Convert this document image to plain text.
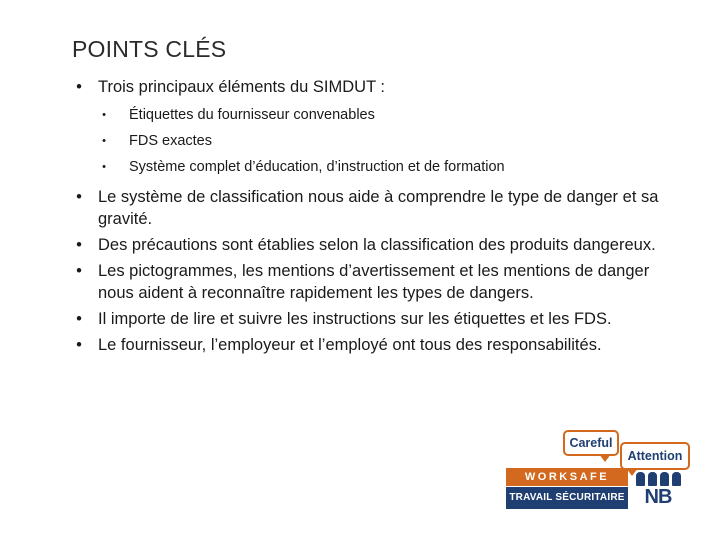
POINTS CLÉS
• Trois principaux éléments du SIMDUT :
• Étiquettes du fournisseur convenables
• FDS exactes
• Système complet d’éducation, d’instruction et de formation
• Le système de classification nous aide à comprendre le type de danger et sa gravité.
• Des précautions sont établies selon la classification des produits dangereux.
• Les pictogrammes, les mentions d’avertissement et les mentions de danger nous aident à reconnaître rapidement les types de dangers.
• Il importe de lire et suivre les instructions sur les étiquettes et les FDS.
• Le fournisseur, l’employeur et l’employé ont tous des responsabilités.
Careful
Attention
WORKSAFE
TRAVAIL SÉCURITAIRE NB
